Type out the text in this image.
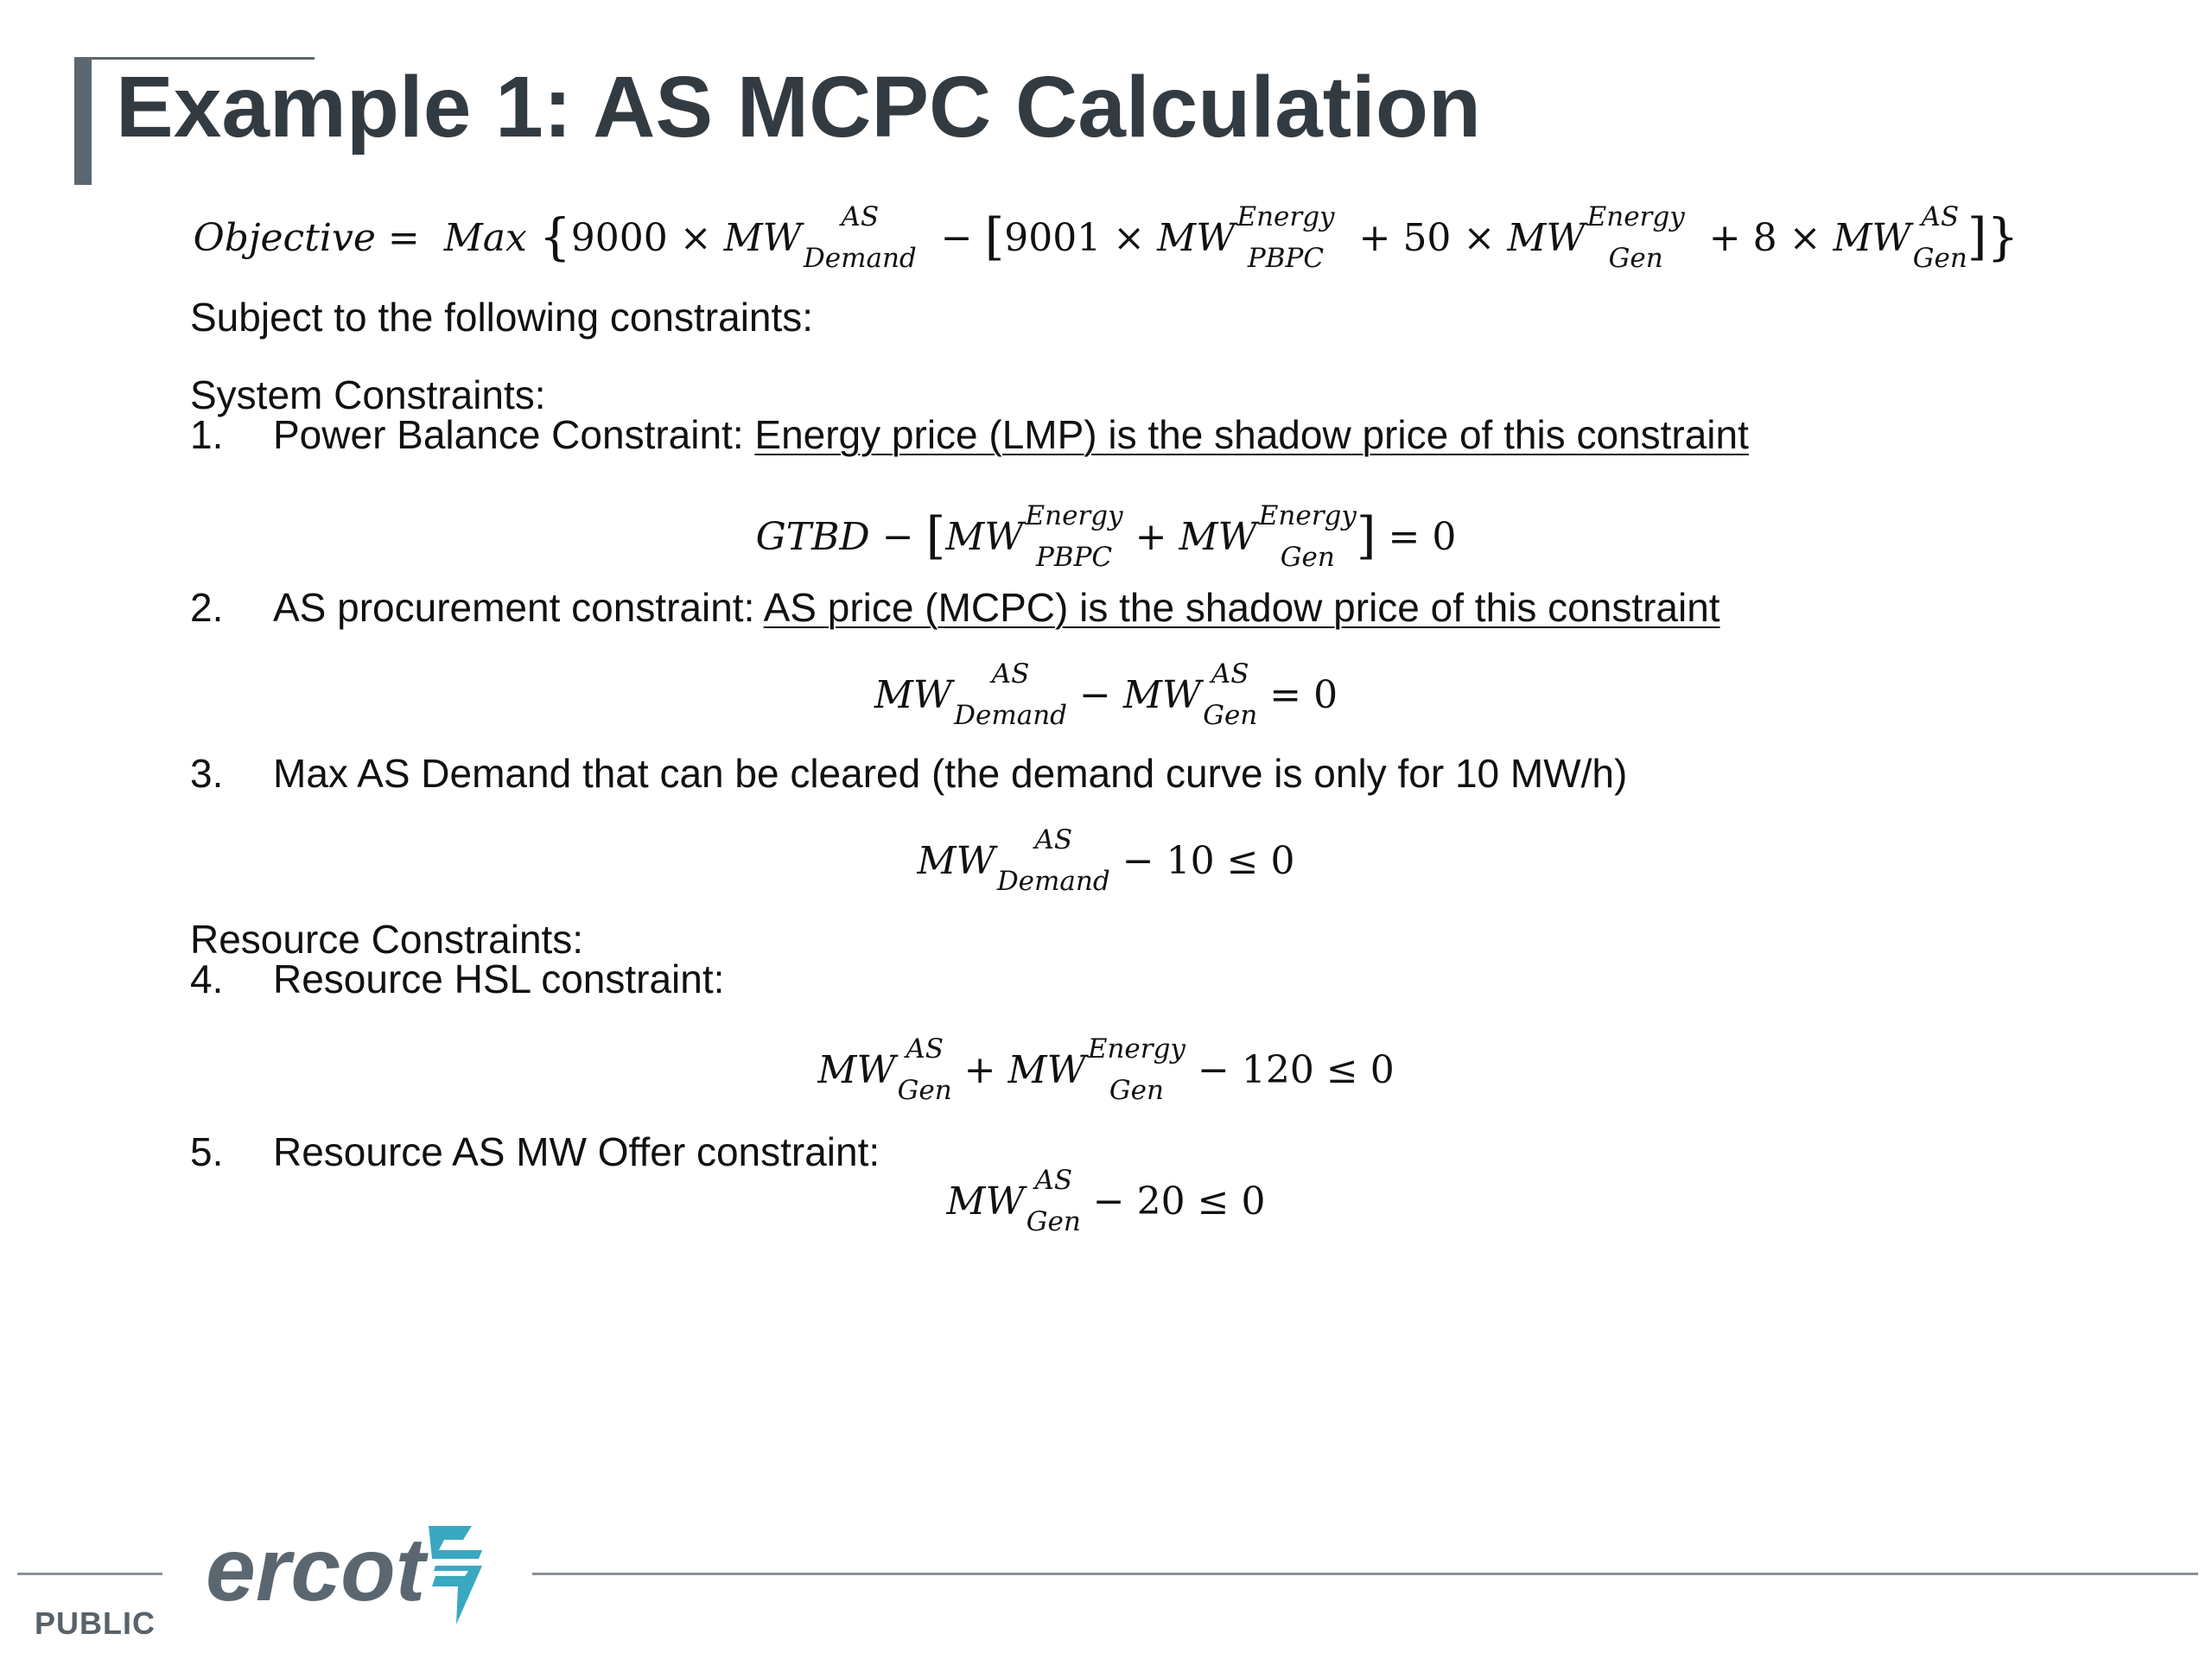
Example 1: AS MCPC Calculation
Objective = Max {9000 × MW	AS
Demand − [9001 × MW Energy
PBPC + 50 × MW Energy
Gen	+ 8 × MW AS
Gen ]}
Subject to the following constraints:
System Constraints:
1. Power Balance Constraint: Energy price (LMP) is the shadow price of this constraint
GTBD − [MW Energy
PBPC + MW Energy
Gen ] = 0
2. AS procurement constraint: AS price (MCPC) is the shadow price of this constraint
MW	AS
Demand − MW AS
Gen = 0
3. Max AS Demand that can be cleared (the demand curve is only for 10 MW/h)
MW	AS
Demand − 10 ≤ 0
Resource Constraints:
4. Resource HSL constraint:
MW AS
Gen + MW Energy
Gen − 120 ≤ 0
5. Resource AS MW Offer constraint:
MW AS
Gen − 20 ≤ 0
PUBLIC
ercot
